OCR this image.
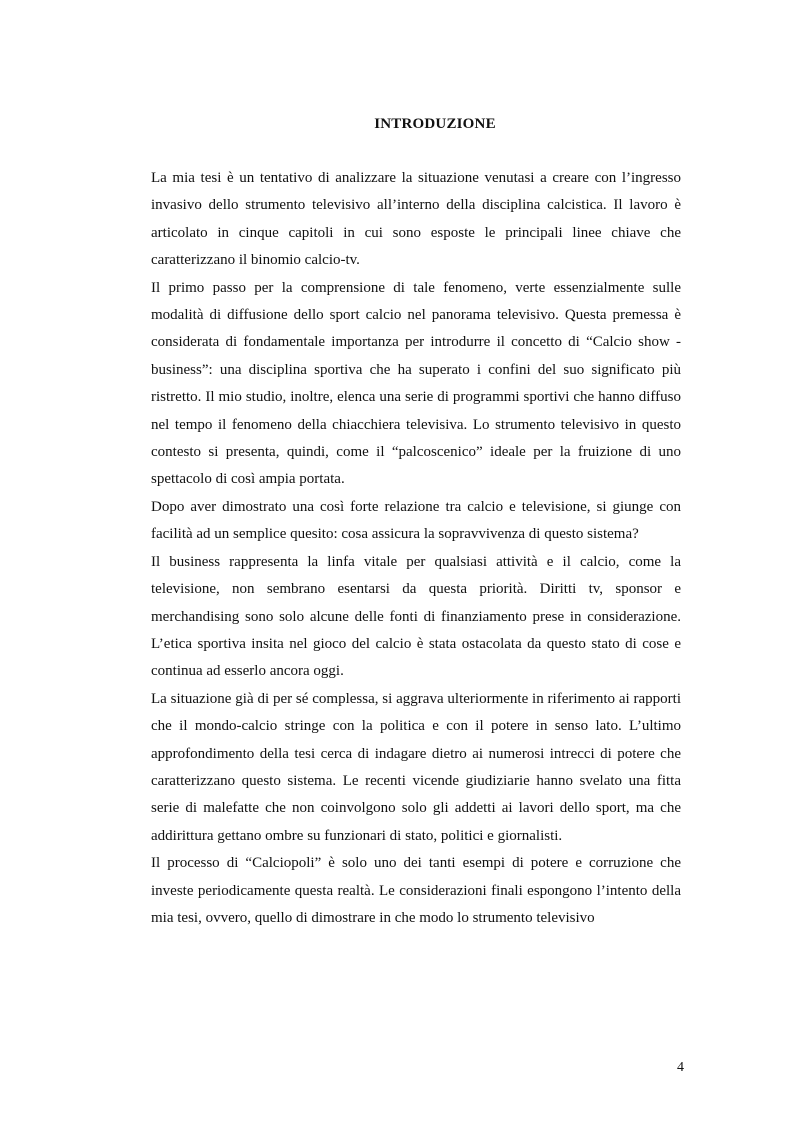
INTRODUZIONE

La mia tesi è un tentativo di analizzare la situazione venutasi a creare con l’ingresso invasivo dello strumento televisivo all’interno della disciplina calcistica. Il lavoro è articolato in cinque capitoli in cui sono esposte le principali linee chiave che caratterizzano il binomio calcio-tv.

Il primo passo per la comprensione di tale fenomeno, verte essenzialmente sulle modalità di diffusione dello sport calcio nel panorama televisivo. Questa premessa è considerata di fondamentale importanza per introdurre il concetto di “Calcio show - business”: una disciplina sportiva che ha superato i confini del suo significato più ristretto. Il mio studio, inoltre, elenca una serie di programmi sportivi che hanno diffuso nel tempo il fenomeno della chiacchiera televisiva. Lo strumento televisivo in questo contesto si presenta, quindi, come il “palcoscenico” ideale per la fruizione di uno spettacolo di così ampia portata.

Dopo aver dimostrato una così forte relazione tra calcio e televisione, si giunge con facilità ad un semplice quesito: cosa assicura la sopravvivenza di questo sistema?

Il business rappresenta la linfa vitale per qualsiasi attività e il calcio, come la televisione, non sembrano esentarsi da questa priorità. Diritti tv, sponsor e merchandising sono solo alcune delle fonti di finanziamento prese in considerazione. L’etica sportiva insita nel gioco del calcio è stata ostacolata da questo stato di cose e continua ad esserlo ancora oggi.

La situazione già di per sé complessa, si aggrava ulteriormente in riferimento ai rapporti che il mondo-calcio stringe con la politica e con il potere in senso lato. L’ultimo approfondimento della tesi cerca di indagare dietro ai numerosi intrecci di potere che caratterizzano questo sistema. Le recenti vicende giudiziarie hanno svelato una fitta serie di malefatte che non coinvolgono solo gli addetti ai lavori dello sport, ma che addirittura gettano ombre su funzionari di stato, politici e giornalisti.

Il processo di “Calciopoli” è solo uno dei tanti esempi di potere e corruzione che investe periodicamente questa realtà. Le considerazioni finali espongono l’intento della mia tesi, ovvero, quello di dimostrare in che modo lo strumento televisivo

4
